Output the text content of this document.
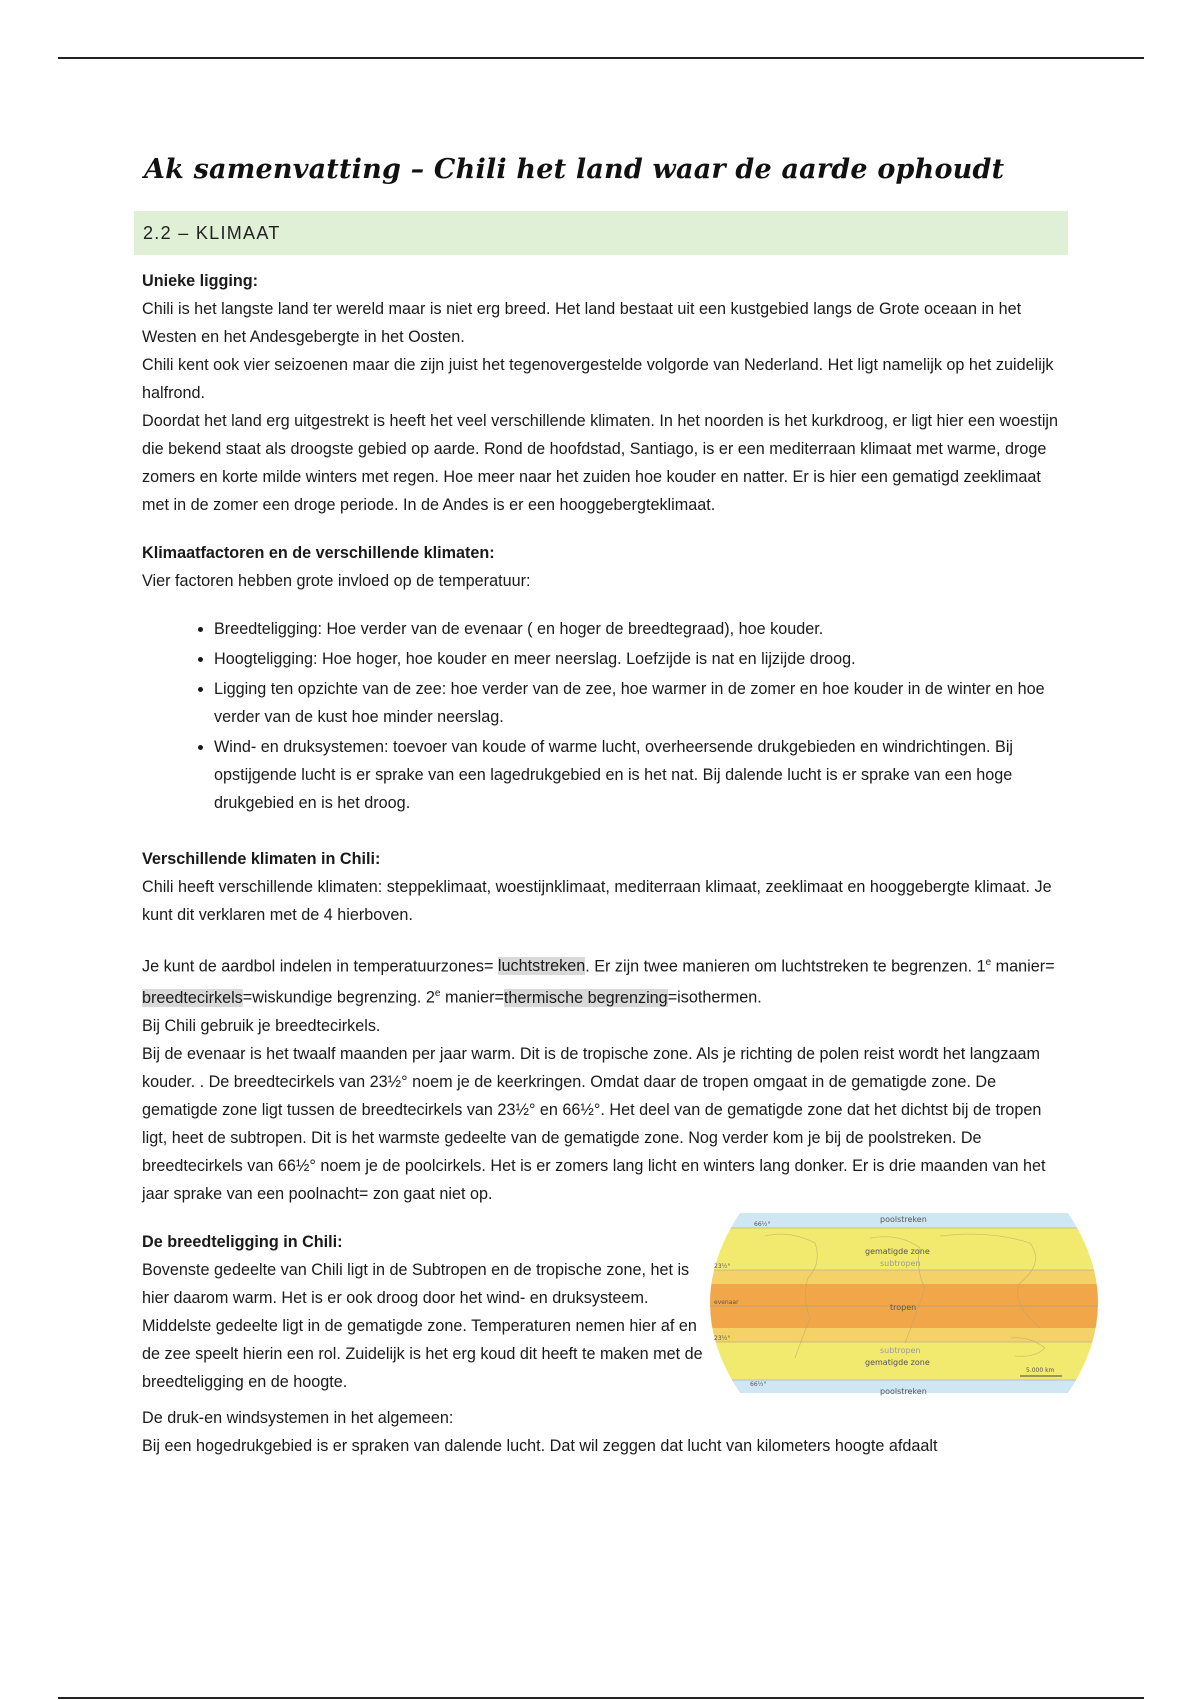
Ak samenvatting – Chili het land waar de aarde ophoudt
2.2 – KLIMAAT

Unieke ligging:

Chili is het langste land ter wereld maar is niet erg breed. Het land bestaat uit een kustgebied langs de Grote oceaan in het Westen en het Andesgebergte in het Oosten.

Chili kent ook vier seizoenen maar die zijn juist het tegenovergestelde volgorde van Nederland. Het ligt namelijk op het zuidelijk halfrond.

Doordat het land erg uitgestrekt is heeft het veel verschillende klimaten. In het noorden is het kurkdroog, er ligt hier een woestijn die bekend staat als droogste gebied op aarde. Rond de hoofdstad, Santiago, is er een mediterraan klimaat met warme, droge zomers en korte milde winters met regen. Hoe meer naar het zuiden hoe kouder en natter. Er is hier een gematigd zeeklimaat met in de zomer een droge periode. In de Andes is er een hooggebergteklimaat.

Klimaatfactoren en de verschillende klimaten:

Vier factoren hebben grote invloed op de temperatuur:

• Breedteligging: Hoe verder van de evenaar ( en hoger de breedtegraad), hoe kouder.
• Hoogteligging: Hoe hoger, hoe kouder en meer neerslag. Loefzijde is nat en lijzijde droog.
• Ligging ten opzichte van de zee: hoe verder van de zee, hoe warmer in de zomer en hoe kouder in de winter en hoe verder van de kust hoe minder neerslag.
• Wind- en druksystemen: toevoer van koude of warme lucht, overheersende drukgebieden en windrichtingen. Bij opstijgende lucht is er sprake van een lagedrukgebied en is het nat. Bij dalende lucht is er sprake van een hoge drukgebied en is het droog.

Verschillende klimaten in Chili:

Chili heeft verschillende klimaten: steppeklimaat, woestijnklimaat, mediterraan klimaat, zeeklimaat en hooggebergte klimaat. Je kunt dit verklaren met de 4 hierboven.

Je kunt de aardbol indelen in temperatuurzones= luchtstreken. Er zijn twee manieren om luchtstreken te begrenzen. 1e manier= breedtecirkels=wiskundige begrenzing. 2e manier=thermische begrenzing=isothermen.

Bij Chili gebruik je breedtecirkels.

Bij de evenaar is het twaalf maanden per jaar warm. Dit is de tropische zone. Als je richting de polen reist wordt het langzaam kouder. . De breedtecirkels van 23½° noem je de keerkringen. Omdat daar de tropen omgaat in de gematigde zone. De gematigde zone ligt tussen de breedtecirkels van 23½° en 66½°. Het deel van de gematigde zone dat het dichtst bij de tropen ligt, heet de subtropen. Dit is het warmste gedeelte van de gematigde zone. Nog verder kom je bij de poolstreken. De breedtecirkels van 66½° noem je de poolcirkels. Het is er zomers lang licht en winters lang donker. Er is drie maanden van het jaar sprake van een poolnacht= zon gaat niet op.

De breedteligging in Chili:

Bovenste gedeelte van Chili ligt in de Subtropen en de tropische zone, het is hier daarom warm. Het is er ook droog door het wind- en druksysteem. Middelste gedeelte ligt in de gematigde zone. Temperaturen nemen hier af en de zee speelt hierin een rol. Zuidelijk is het erg koud dit heeft te maken met de breedteligging en de hoogte.

poolstreken
gematigde zone
subtropen
tropen
subtropen
gematigde zone
poolstreken
66½°
23½°
evenaar
23½°
66½°
5.000 km

De druk-en windsystemen in het algemeen:

Bij een hogedrukgebied is er spraken van dalende lucht. Dat wil zeggen dat lucht van kilometers hoogte afdaalt
